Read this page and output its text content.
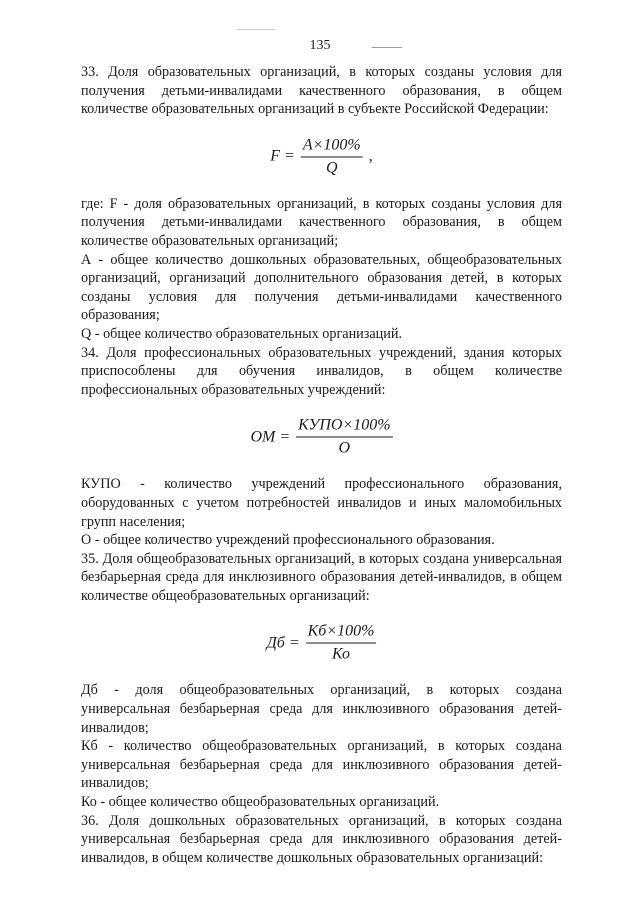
135

33. Доля образовательных организаций, в которых созданы условия для получения детьми-инвалидами качественного образования, в общем количестве образовательных организаций в субъекте Российской Федерации:

$F = \frac{A\times 100\%}{Q}$ ,

где: F - доля образовательных организаций, в которых созданы условия для получения детьми-инвалидами качественного образования, в общем количестве образовательных организаций;

А - общее количество дошкольных образовательных, общеобразовательных организаций, организаций дополнительного образования детей, в которых созданы условия для получения детьми-инвалидами качественного образования;

Q - общее количество образовательных организаций.

34. Доля профессиональных образовательных учреждений, здания которых приспособлены для обучения инвалидов, в общем количестве профессиональных образовательных учреждений:

ОМ = $\frac{\text{КУПО×100\%}}{О}$

КУПО - количество учреждений профессионального образования, оборудованных с учетом потребностей инвалидов и иных маломобильных групп населения;

О - общее количество учреждений профессионального образования.

35. Доля общеобразовательных организаций, в которых создана универсальная безбарьерная среда для инклюзивного образования детей-инвалидов, в общем количестве общеобразовательных организаций:

Дб = $\frac{Кб\times 100\%}{Ко}$

Дб - доля общеобразовательных организаций, в которых создана универсальная безбарьерная среда для инклюзивного образования детей-инвалидов;

Кб - количество общеобразовательных организаций, в которых создана универсальная безбарьерная среда для инклюзивного образования детей-инвалидов;

Ко - общее количество общеобразовательных организаций.

36. Доля дошкольных образовательных организаций, в которых создана универсальная безбарьерная среда для инклюзивного образования детей-инвалидов, в общем количестве дошкольных образовательных организаций:
